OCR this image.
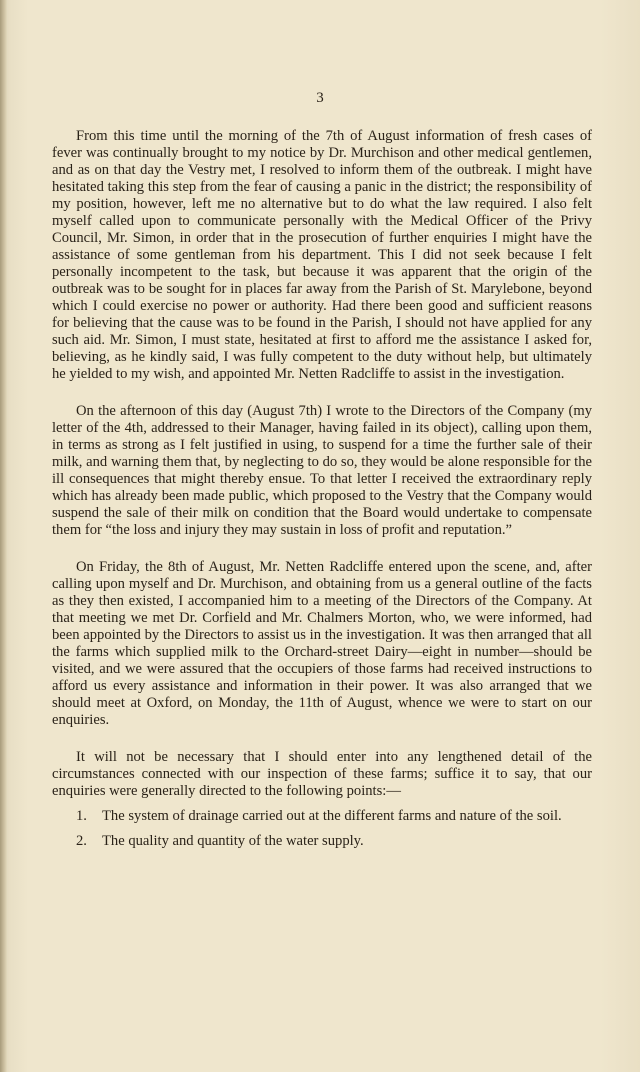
3

From this time until the morning of the 7th of August information of fresh cases of fever was continually brought to my notice by Dr. Murchison and other medical gentlemen, and as on that day the Vestry met, I resolved to inform them of the outbreak. I might have hesitated taking this step from the fear of causing a panic in the district; the responsibility of my position, however, left me no alternative but to do what the law required. I also felt myself called upon to communicate personally with the Medical Officer of the Privy Council, Mr. Simon, in order that in the prosecution of further enquiries I might have the assistance of some gentleman from his department. This I did not seek because I felt personally incompetent to the task, but because it was apparent that the origin of the outbreak was to be sought for in places far away from the Parish of St. Marylebone, beyond which I could exercise no power or authority. Had there been good and sufficient reasons for believing that the cause was to be found in the Parish, I should not have applied for any such aid. Mr. Simon, I must state, hesitated at first to afford me the assistance I asked for, believing, as he kindly said, I was fully competent to the duty without help, but ultimately he yielded to my wish, and appointed Mr. Netten Radcliffe to assist in the investigation.

On the afternoon of this day (August 7th) I wrote to the Directors of the Company (my letter of the 4th, addressed to their Manager, having failed in its object), calling upon them, in terms as strong as I felt justified in using, to suspend for a time the further sale of their milk, and warning them that, by neglecting to do so, they would be alone responsible for the ill consequences that might thereby ensue. To that letter I received the extraordinary reply which has already been made public, which proposed to the Vestry that the Company would suspend the sale of their milk on condition that the Board would undertake to compensate them for “the loss and injury they may sustain in loss of profit and reputation.”

On Friday, the 8th of August, Mr. Netten Radcliffe entered upon the scene, and, after calling upon myself and Dr. Murchison, and obtaining from us a general outline of the facts as they then existed, I accompanied him to a meeting of the Directors of the Company. At that meeting we met Dr. Corfield and Mr. Chalmers Morton, who, we were informed, had been appointed by the Directors to assist us in the investigation. It was then arranged that all the farms which supplied milk to the Orchard-street Dairy—eight in number—should be visited, and we were assured that the occupiers of those farms had received instructions to afford us every assistance and information in their power. It was also arranged that we should meet at Oxford, on Monday, the 11th of August, whence we were to start on our enquiries.

It will not be necessary that I should enter into any lengthened detail of the circumstances connected with our inspection of these farms; suffice it to say, that our enquiries were generally directed to the following points:—

1.	The system of drainage carried out at the different farms and nature of the soil.
2.	The quality and quantity of the water supply.
